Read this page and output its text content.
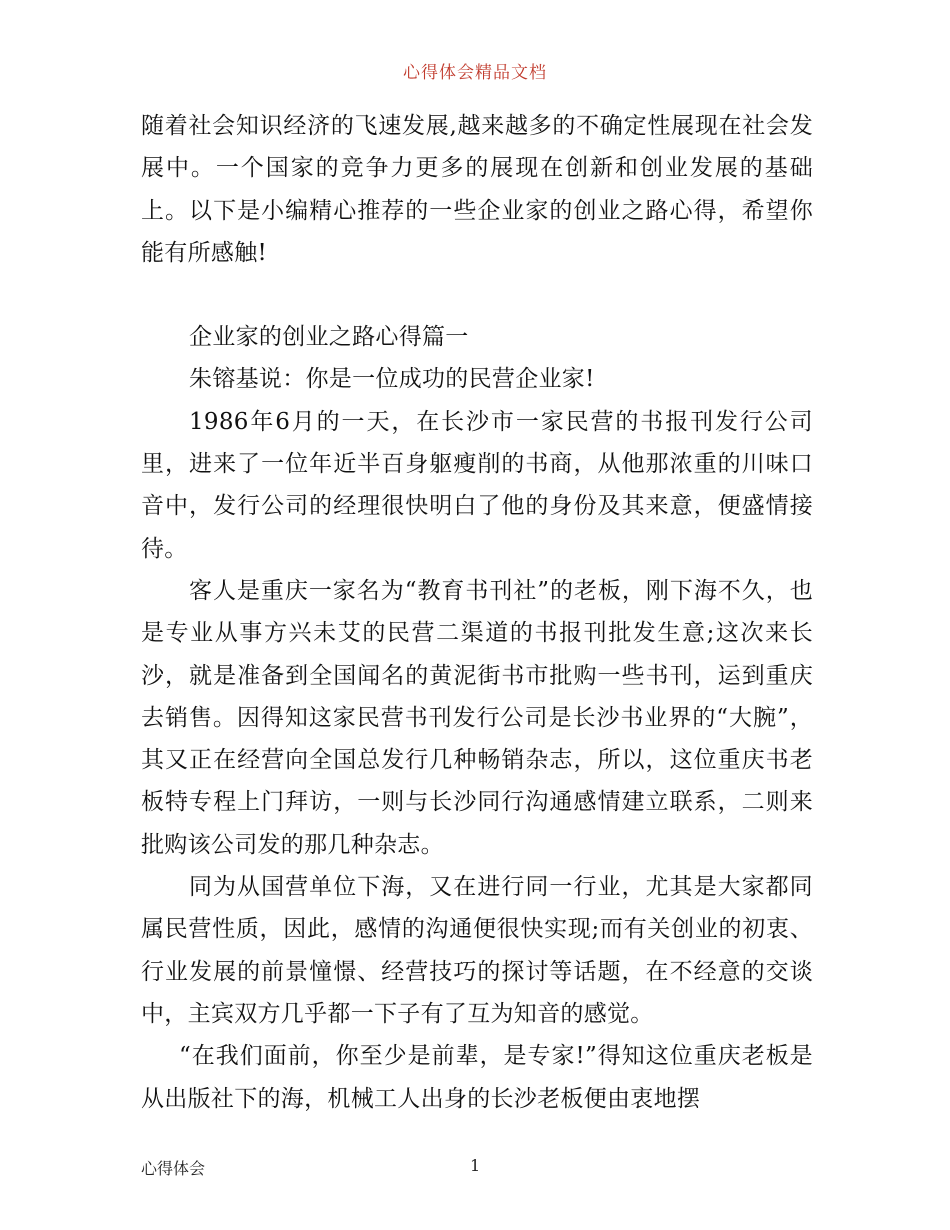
心得体会精品文档

随着社会知识经济的飞速发展,越来越多的不确定性展现在社会发展中。一个国家的竞争力更多的展现在创新和创业发展的基础上。以下是小编精心推荐的一些企业家的创业之路心得，希望你能有所感触!

企业家的创业之路心得篇一

朱镕基说：你是一位成功的民营企业家!

1986年6月的一天，在长沙市一家民营的书报刊发行公司里，进来了一位年近半百身躯瘦削的书商，从他那浓重的川味口音中，发行公司的经理很快明白了他的身份及其来意，便盛情接待。

客人是重庆一家名为“教育书刊社”的老板，刚下海不久，也是专业从事方兴未艾的民营二渠道的书报刊批发生意;这次来长沙，就是准备到全国闻名的黄泥街书市批购一些书刊，运到重庆去销售。因得知这家民营书刊发行公司是长沙书业界的“大腕”，其又正在经营向全国总发行几种畅销杂志，所以，这位重庆书老板特专程上门拜访，一则与长沙同行沟通感情建立联系，二则来批购该公司发的那几种杂志。

同为从国营单位下海，又在进行同一行业，尤其是大家都同属民营性质，因此，感情的沟通便很快实现;而有关创业的初衷、行业发展的前景憧憬、经营技巧的探讨等话题，在不经意的交谈中，主宾双方几乎都一下子有了互为知音的感觉。

“在我们面前，你至少是前辈，是专家!”得知这位重庆老板是从出版社下的海，机械工人出身的长沙老板便由衷地摆

心得体会	1
